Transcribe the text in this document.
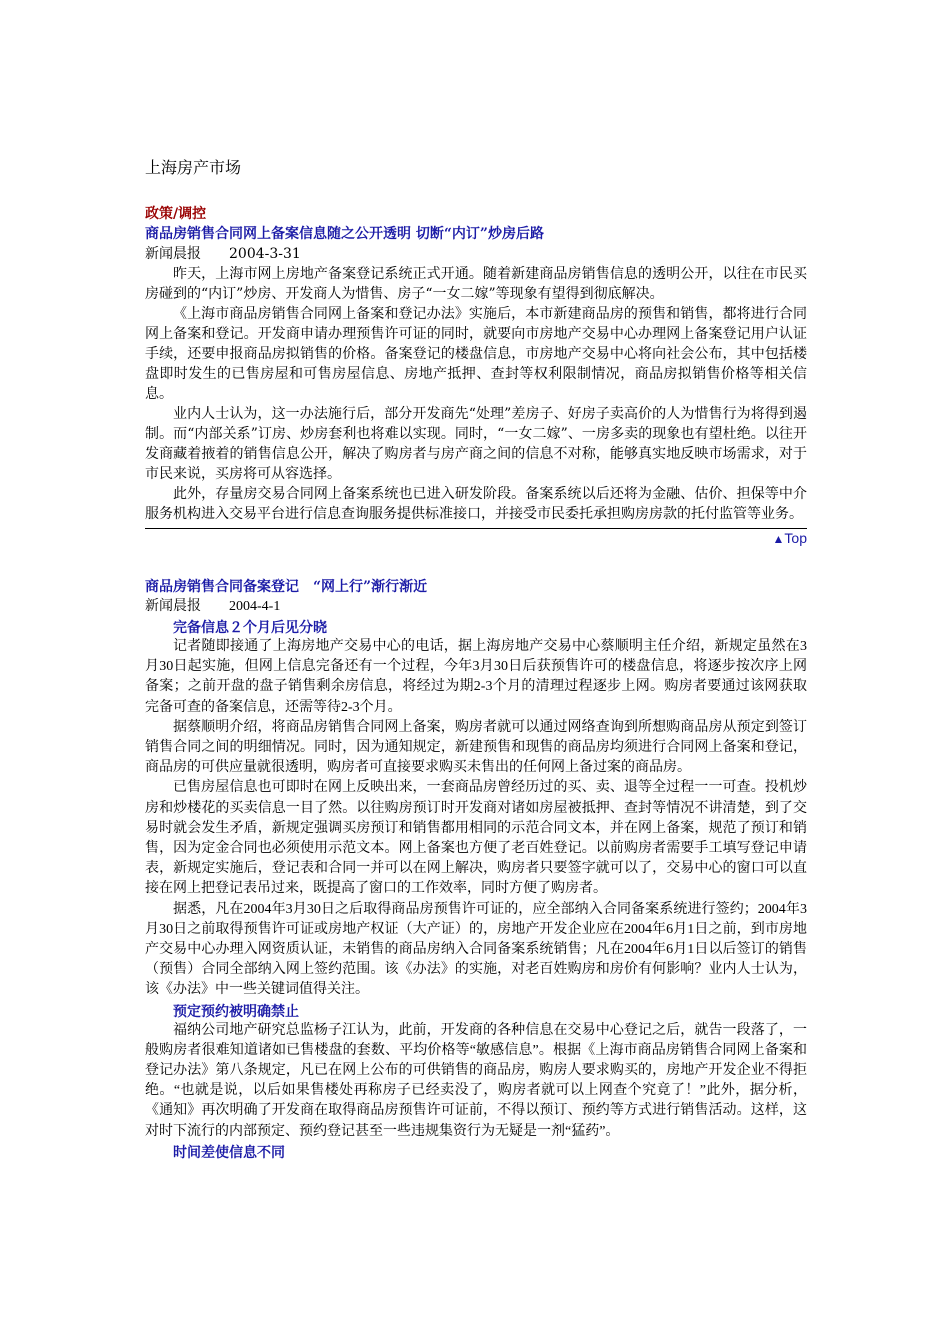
上海房产市场
政策/调控
商品房销售合同网上备案信息随之公开透明 切断“内订”炒房后路
新闻晨报 2004-3-31

昨天，上海市网上房地产备案登记系统正式开通。随着新建商品房销售信息的透明公开，以往在市民买房碰到的“内订”炒房、开发商人为惜售、房子“一女二嫁”等现象有望得到彻底解决。

《上海市商品房销售合同网上备案和登记办法》实施后，本市新建商品房的预售和销售，都将进行合同网上备案和登记。开发商申请办理预售许可证的同时，就要向市房地产交易中心办理网上备案登记用户认证手续，还要申报商品房拟销售的价格。备案登记的楼盘信息，市房地产交易中心将向社会公布，其中包括楼盘即时发生的已售房屋和可售房屋信息、房地产抵押、查封等权利限制情况，商品房拟销售价格等相关信息。

业内人士认为，这一办法施行后，部分开发商先“处理”差房子、好房子卖高价的人为惜售行为将得到遏制。而“内部关系”订房、炒房套利也将难以实现。同时，“一女二嫁”、一房多卖的现象也有望杜绝。以往开发商藏着掖着的销售信息公开，解决了购房者与房产商之间的信息不对称，能够真实地反映市场需求，对于市民来说，买房将可从容选择。

此外，存量房交易合同网上备案系统也已进入研发阶段。备案系统以后还将为金融、估价、担保等中介服务机构进入交易平台进行信息查询服务提供标准接口，并接受市民委托承担购房房款的托付监管等业务。

▲Top
商品房销售合同备案登记　“网上行”渐行渐近
新闻晨报 2004-4-1
完备信息２个月后见分晓

记者随即接通了上海房地产交易中心的电话，据上海房地产交易中心蔡顺明主任介绍，新规定虽然在3月30日起实施，但网上信息完备还有一个过程，今年3月30日后获预售许可的楼盘信息，将逐步按次序上网备案；之前开盘的盘子销售剩余房信息，将经过为期2-3个月的清理过程逐步上网。购房者要通过该网获取完备可查的备案信息，还需等待2-3个月。

据蔡顺明介绍，将商品房销售合同网上备案，购房者就可以通过网络查询到所想购商品房从预定到签订销售合同之间的明细情况。同时，因为通知规定，新建预售和现售的商品房均须进行合同网上备案和登记，商品房的可供应量就很透明，购房者可直接要求购买未售出的任何网上备过案的商品房。

已售房屋信息也可即时在网上反映出来，一套商品房曾经历过的买、卖、退等全过程一一可查。投机炒房和炒楼花的买卖信息一目了然。以往购房预订时开发商对诸如房屋被抵押、查封等情况不讲清楚，到了交易时就会发生矛盾，新规定强调买房预订和销售都用相同的示范合同文本，并在网上备案，规范了预订和销售，因为定金合同也必须使用示范文本。网上备案也方便了老百姓登记。以前购房者需要手工填写登记申请表，新规定实施后，登记表和合同一并可以在网上解决，购房者只要签字就可以了，交易中心的窗口可以直接在网上把登记表吊过来，既提高了窗口的工作效率，同时方便了购房者。

据悉，凡在2004年3月30日之后取得商品房预售许可证的，应全部纳入合同备案系统进行签约；2004年3月30日之前取得预售许可证或房地产权证（大产证）的，房地产开发企业应在2004年6月1日之前，到市房地产交易中心办理入网资质认证，未销售的商品房纳入合同备案系统销售；凡在2004年6月1日以后签订的销售（预售）合同全部纳入网上签约范围。该《办法》的实施，对老百姓购房和房价有何影响？业内人士认为，该《办法》中一些关键词值得关注。

预定预约被明确禁止

福纳公司地产研究总监杨子江认为，此前，开发商的各种信息在交易中心登记之后，就告一段落了，一般购房者很难知道诸如已售楼盘的套数、平均价格等“敏感信息”。根据《上海市商品房销售合同网上备案和登记办法》第八条规定，凡已在网上公布的可供销售的商品房，购房人要求购买的，房地产开发企业不得拒绝。“也就是说，以后如果售楼处再称房子已经卖没了，购房者就可以上网查个究竟了！”此外，据分析，《通知》再次明确了开发商在取得商品房预售许可证前，不得以预订、预约等方式进行销售活动。这样，这对时下流行的内部预定、预约登记甚至一些违规集资行为无疑是一剂“猛药”。

时间差使信息不同
